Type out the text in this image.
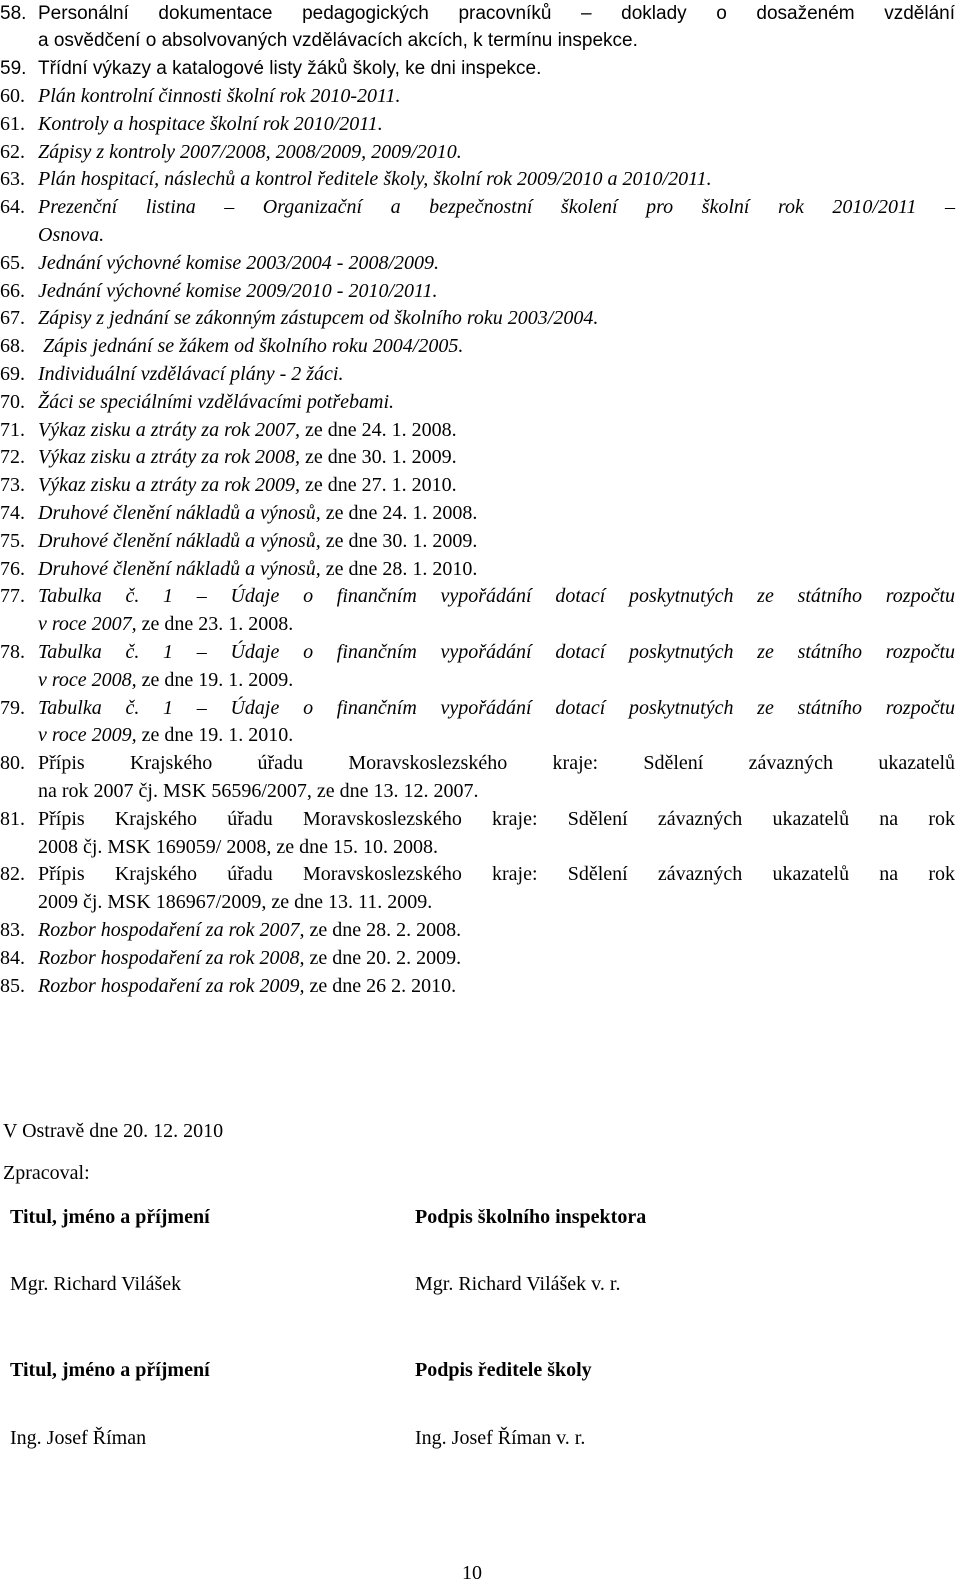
58. Personální dokumentace pedagogických pracovníků – doklady o dosaženém vzdělání
a osvědčení o absolvovaných vzdělávacích akcích, k termínu inspekce.
59. Třídní výkazy a katalogové listy žáků školy, ke dni inspekce.
60. Plán kontrolní činnosti školní rok 2010-2011.
61. Kontroly a hospitace školní rok 2010/2011.
62. Zápisy z kontroly 2007/2008, 2008/2009, 2009/2010.
63. Plán hospitací, náslechů a kontrol ředitele školy, školní rok 2009/2010 a 2010/2011.
64. Prezenční listina – Organizační a bezpečnostní školení pro školní rok 2010/2011 –
Osnova.
65. Jednání výchovné komise 2003/2004 - 2008/2009.
66. Jednání výchovné komise 2009/2010 - 2010/2011.
67. Zápisy z jednání se zákonným zástupcem od školního roku 2003/2004.
68. Zápis jednání se žákem od školního roku 2004/2005.
69. Individuální vzdělávací plány - 2 žáci.
70. Žáci se speciálními vzdělávacími potřebami.
71. Výkaz zisku a ztráty za rok 2007, ze dne 24. 1. 2008.
72. Výkaz zisku a ztráty za rok 2008, ze dne 30. 1. 2009.
73. Výkaz zisku a ztráty za rok 2009, ze dne 27. 1. 2010.
74. Druhové členění nákladů a výnosů, ze dne 24. 1. 2008.
75. Druhové členění nákladů a výnosů, ze dne 30. 1. 2009.
76. Druhové členění nákladů a výnosů, ze dne 28. 1. 2010.
77. Tabulka č. 1 – Údaje o finančním vypořádání dotací poskytnutých ze státního rozpočtu
v roce 2007, ze dne 23. 1. 2008.
78. Tabulka č. 1 – Údaje o finančním vypořádání dotací poskytnutých ze státního rozpočtu
v roce 2008, ze dne 19. 1. 2009.
79. Tabulka č. 1 – Údaje o finančním vypořádání dotací poskytnutých ze státního rozpočtu
v roce 2009, ze dne 19. 1. 2010.
80. Přípis Krajského úřadu Moravskoslezského kraje: Sdělení závazných ukazatelů
na rok 2007 čj. MSK 56596/2007, ze dne 13. 12. 2007.
81. Přípis Krajského úřadu Moravskoslezského kraje: Sdělení závazných ukazatelů na rok
2008 čj. MSK 169059/ 2008, ze dne 15. 10. 2008.
82. Přípis Krajského úřadu Moravskoslezského kraje: Sdělení závazných ukazatelů na rok
2009 čj. MSK 186967/2009, ze dne 13. 11. 2009.
83. Rozbor hospodaření za rok 2007, ze dne 28. 2. 2008.
84. Rozbor hospodaření za rok 2008, ze dne 20. 2. 2009.
85. Rozbor hospodaření za rok 2009, ze dne 26 2. 2010.
V Ostravě dne 20. 12. 2010
Zpracoval:
Titul, jméno a příjmení	Podpis školního inspektora
Mgr. Richard Vilášek	Mgr. Richard Vilášek v. r.
Titul, jméno a příjmení	Podpis ředitele školy
Ing. Josef Říman	Ing. Josef Říman v. r.
10
